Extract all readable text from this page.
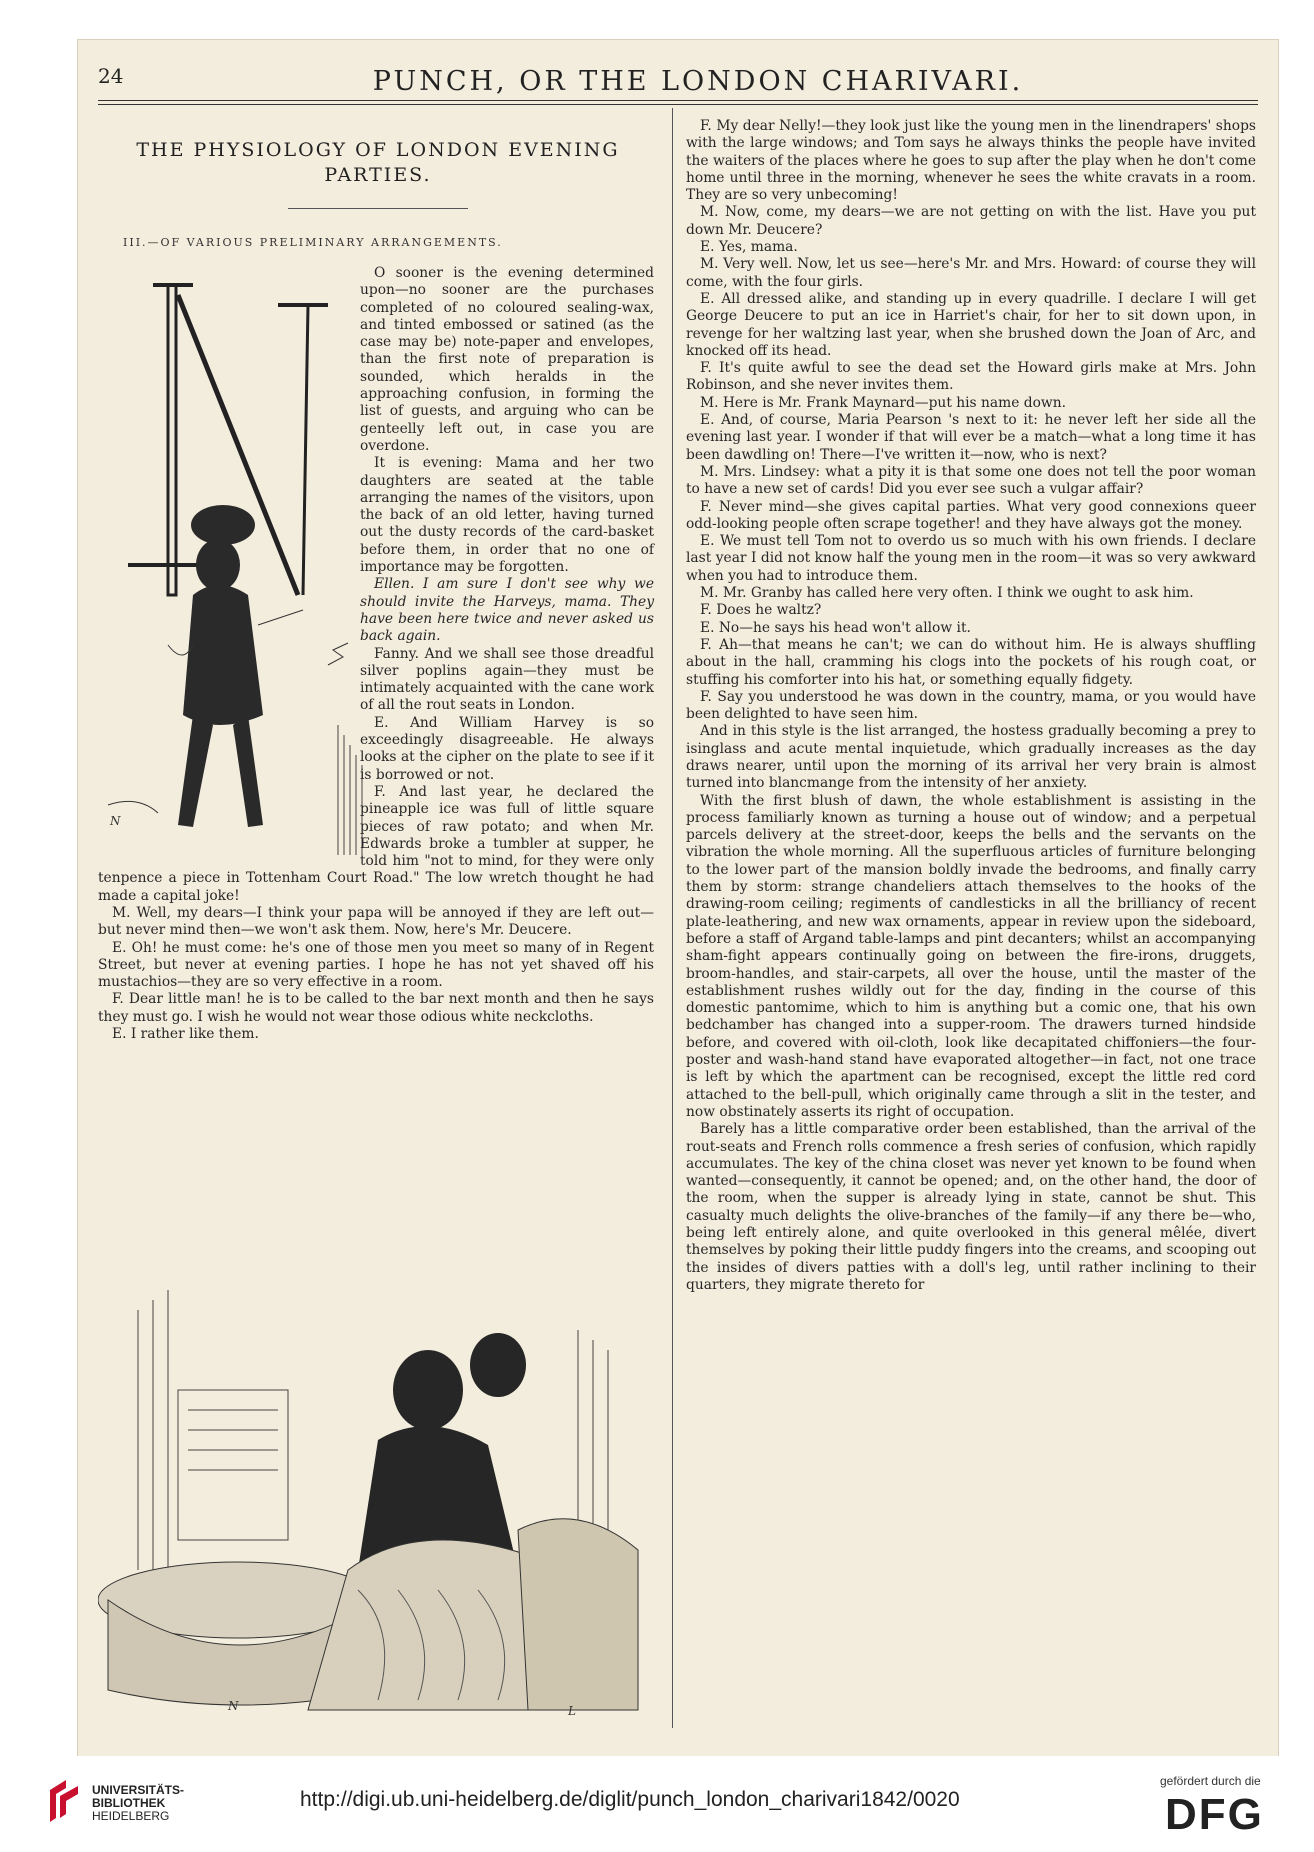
24	PUNCH, OR THE LONDON CHARIVARI.
THE PHYSIOLOGY OF LONDON EVENING PARTIES.
III.—OF VARIOUS PRELIMINARY ARRANGEMENTS.
N

O sooner is the evening determined upon—no sooner are the purchases completed of no coloured sealing-wax, and tinted embossed or satined (as the case may be) note-paper and envelopes, than the first note of preparation is sounded, which heralds in the approaching confusion, in forming the list of guests, and arguing who can be genteelly left out, in case you are overdone.

It is evening: Mama and her two daughters are seated at the table arranging the names of the visitors, upon the back of an old letter, having turned out the dusty records of the card-basket before them, in order that no one of importance may be forgotten.

Ellen. I am sure I don't see why we should invite the Harveys, mama. They have been here twice and never asked us back again.

Fanny. And we shall see those dreadful silver poplins again—they must be intimately acquainted with the cane work of all the rout seats in London.

E. And William Harvey is so exceedingly disagreeable. He always looks at the cipher on the plate to see if it is borrowed or not.

F. And last year, he declared the pineapple ice was full of little square pieces of raw potato; and when Mr. Edwards broke a tumbler at supper, he told him "not to mind, for they were only tenpence a piece in Tottenham Court Road." The low wretch thought he had made a capital joke!

M. Well, my dears—I think your papa will be annoyed if they are left out—but never mind then—we won't ask them. Now, here's Mr. Deucere.

E. Oh! he must come: he's one of those men you meet so many of in Regent Street, but never at evening parties. I hope he has not yet shaved off his mustachios—they are so very effective in a room.

F. Dear little man! he is to be called to the bar next month and then he says they must go. I wish he would not wear those odious white neckcloths.

E. I rather like them.

N	L

F. My dear Nelly!—they look just like the young men in the linendrapers' shops with the large windows; and Tom says he always thinks the people have invited the waiters of the places where he goes to sup after the play when he don't come home until three in the morning, whenever he sees the white cravats in a room. They are so very unbecoming!

M. Now, come, my dears—we are not getting on with the list. Have you put down Mr. Deucere?

E. Yes, mama.

M. Very well. Now, let us see—here's Mr. and Mrs. Howard: of course they will come, with the four girls.

E. All dressed alike, and standing up in every quadrille. I declare I will get George Deucere to put an ice in Harriet's chair, for her to sit down upon, in revenge for her waltzing last year, when she brushed down the Joan of Arc, and knocked off its head.

F. It's quite awful to see the dead set the Howard girls make at Mrs. John Robinson, and she never invites them.

M. Here is Mr. Frank Maynard—put his name down.

E. And, of course, Maria Pearson 's next to it: he never left her side all the evening last year. I wonder if that will ever be a match—what a long time it has been dawdling on! There—I've written it—now, who is next?

M. Mrs. Lindsey: what a pity it is that some one does not tell the poor woman to have a new set of cards! Did you ever see such a vulgar affair?

F. Never mind—she gives capital parties. What very good connexions queer odd-looking people often scrape together! and they have always got the money.

E. We must tell Tom not to overdo us so much with his own friends. I declare last year I did not know half the young men in the room—it was so very awkward when you had to introduce them.

M. Mr. Granby has called here very often. I think we ought to ask him.

F. Does he waltz?

E. No—he says his head won't allow it.

F. Ah—that means he can't; we can do without him. He is always shuffling about in the hall, cramming his clogs into the pockets of his rough coat, or stuffing his comforter into his hat, or something equally fidgety.

F. Say you understood he was down in the country, mama, or you would have been delighted to have seen him.

And in this style is the list arranged, the hostess gradually becoming a prey to isinglass and acute mental inquietude, which gradually increases as the day draws nearer, until upon the morning of its arrival her very brain is almost turned into blancmange from the intensity of her anxiety.

With the first blush of dawn, the whole establishment is assisting in the process familiarly known as turning a house out of window; and a perpetual parcels delivery at the street-door, keeps the bells and the servants on the vibration the whole morning. All the superfluous articles of furniture belonging to the lower part of the mansion boldly invade the bedrooms, and finally carry them by storm: strange chandeliers attach themselves to the hooks of the drawing-room ceiling; regiments of candlesticks in all the brilliancy of recent plate-leathering, and new wax ornaments, appear in review upon the sideboard, before a staff of Argand table-lamps and pint decanters; whilst an accompanying sham-fight appears continually going on between the fire-irons, druggets, broom-handles, and stair-carpets, all over the house, until the master of the establishment rushes wildly out for the day, finding in the course of this domestic pantomime, which to him is anything but a comic one, that his own bedchamber has changed into a supper-room. The drawers turned hindside before, and covered with oil-cloth, look like decapitated chiffoniers—the four-poster and wash-hand stand have evaporated altogether—in fact, not one trace is left by which the apartment can be recognised, except the little red cord attached to the bell-pull, which originally came through a slit in the tester, and now obstinately asserts its right of occupation.

Barely has a little comparative order been established, than the arrival of the rout-seats and French rolls commence a fresh series of confusion, which rapidly accumulates. The key of the china closet was never yet known to be found when wanted—consequently, it cannot be opened; and, on the other hand, the door of the room, when the supper is already lying in state, cannot be shut. This casualty much delights the olive-branches of the family—if any there be—who, being left entirely alone, and quite overlooked in this general mêlée, divert themselves by poking their little puddy fingers into the creams, and scooping out the insides of divers patties with a doll's leg, until rather inclining to their quarters, they migrate thereto for

UNIVERSITÄTS-
BIBLIOTHEK
HEIDELBERG
http://digi.ub.uni-heidelberg.de/diglit/punch_london_charivari1842/0020
gefördert durch die
DFG
